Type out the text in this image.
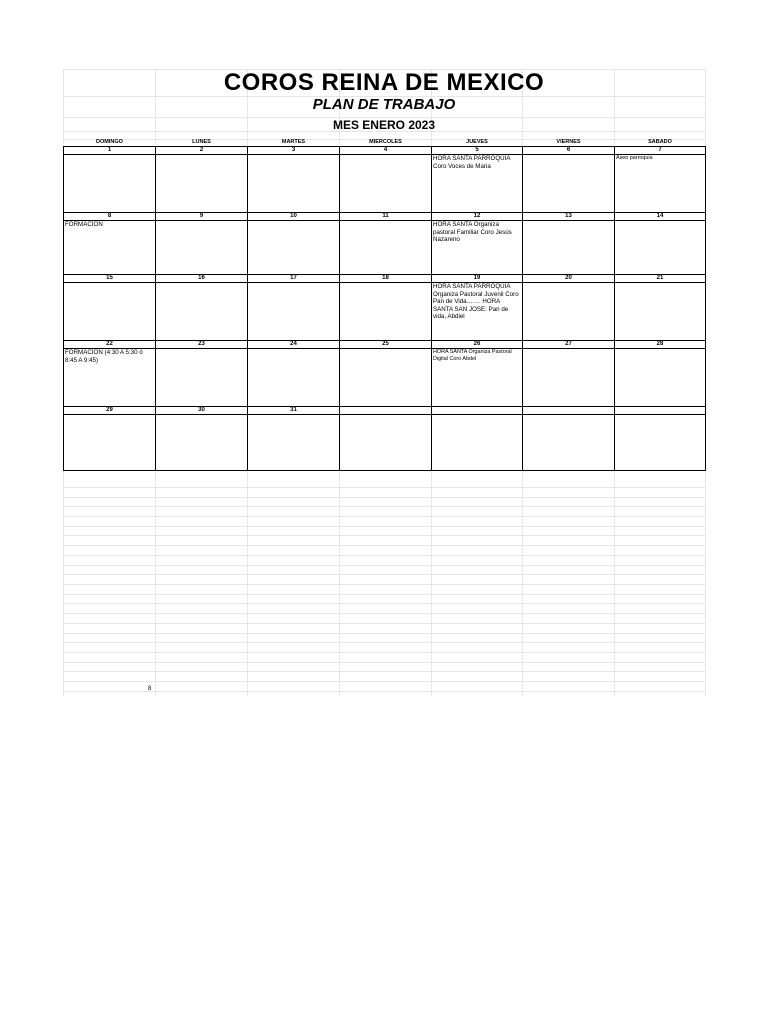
COROS REINA DE MEXICO
PLAN DE TRABAJO
MES ENERO 2023
DOMINGO	LUNES	MARTES	MIERCOLES	JUEVES	VIERNES	SABADO
1	2	3	4	5	6	7
				HORA SANTA PARROQUIA Coro Voces de Maria		Aseo parroquia
8	9	10	11	12	13	14
FORMACION				HORA SANTA Organiza pastoral Familiar Coro Jesús Nazareno		
15	16	17	18	19	20	21
				HORA SANTA PARROQUIA Organiza Pastoral Juvenil Coro Pan de Vida……. HORA SANTA SAN JOSE: Pan de vida, Abdiel		
22	23	24	25	26	27	28
FORMACION (4:30 A 5:30 ó 8:45 A 9:45)				HORA SANTA Organiza Pastoral Digital Coro Abdel		
29	30	31				

8
